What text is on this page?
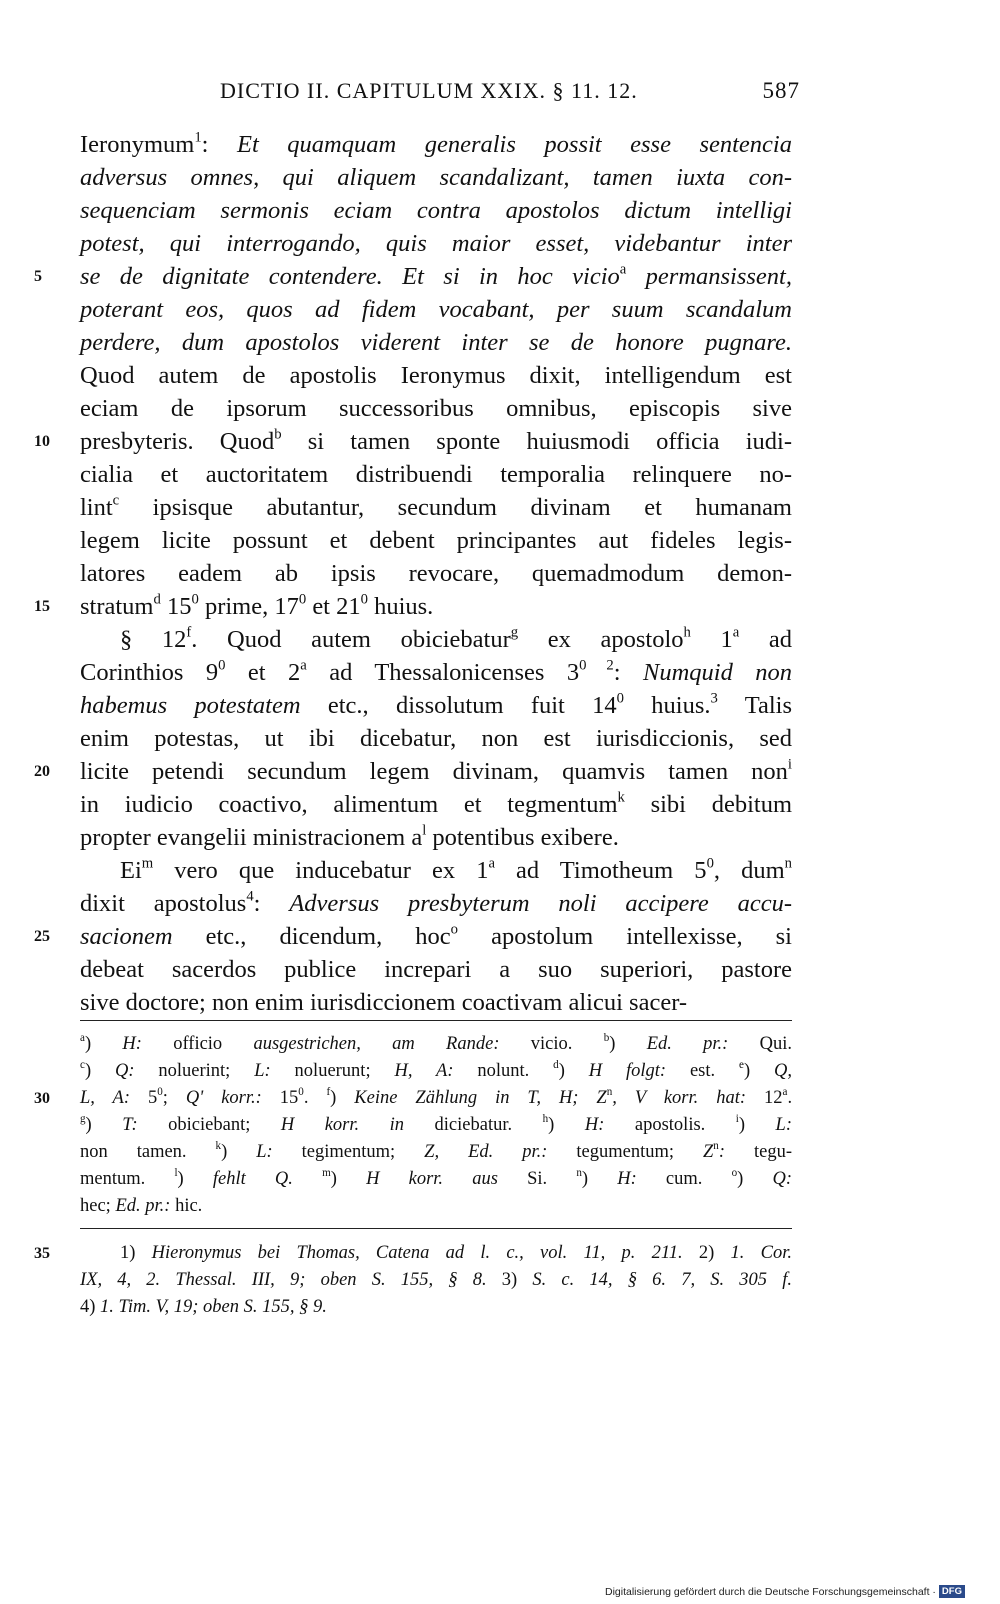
DICTIO II. CAPITULUM XXIX. § 11. 12.	587
Ieronymum$^1$: Et quamquam generalis possit esse sentencia
adversus omnes, qui aliquem scandalizant, tamen iuxta con-
sequenciam sermonis eciam contra apostolos dictum intelligi
potest, qui interrogando, quis maior esset, videbantur inter
5 se de dignitate contendere. Et si in hoc vicio$^a$ permansissent,
poterant eos, quos ad fidem vocabant, per suum scandalum
perdere, dum apostolos viderent inter se de honore pugnare.
Quod autem de apostolis Ieronymus dixit, intelligendum est
eciam de ipsorum successoribus omnibus, episcopis sive
10 presbyteris. Quod$^b$ si tamen sponte huiusmodi officia iudi-
cialia et auctoritatem distribuendi temporalia relinquere no-
lint$^c$ ipsisque abutantur, secundum divinam et humanam
legem licite possunt et debent principantes aut fideles legis-
latores eadem ab ipsis revocare, quemadmodum demon-
15 stratum$^d$ $15^0$ prime, $17^0$ et $21^0$ huius.
§ 12$^f$. Quod autem obiciebatur$^g$ ex apostolo$^h$ 1$^a$ ad
Corinthios $9^0$ et 2$^a$ ad Thessalonicenses $3^{0 2}$: Numquid non
habemus potestatem etc., dissolutum fuit $14^0$ huius.$^3$ Talis
enim potestas, ut ibi dicebatur, non est iurisdiccionis, sed
20 licite petendi secundum legem divinam, quamvis tamen non$^i$
in iudicio coactivo, alimentum et tegmentum$^k$ sibi debitum
propter evangelii ministracionem $a^l$ potentibus exibere.
Ei$^m$ vero que inducebatur ex 1$^a$ ad Timotheum $5^0$, dum$^n$
dixit apostolus$^4$: Adversus presbyterum noli accipere accu-
25 sacionem etc., dicendum, hoc$^o$ apostolum intellexisse, si
debeat sacerdos publice increpari a suo superiori, pastore
sive doctore; non enim iurisdiccionem coactivam alicui sacer-
$^a$) H: officio ausgestrichen, am Rande: vicio. $^b$) Ed. pr.: Qui.
$^c$) Q: noluerint; L: noluerunt; H, A: nolunt. $^d$) H folgt: est. $^e$) Q,
30 L, A: $5^0$; Q' korr.: $15^0$. $^f$) Keine Zählung in T, H; $Z^n$, V korr. hat: 12$^a$.
$^g$) T: obiciebant; H korr. in diciebatur. $^h$) H: apostolis. $^i$) L:
non tamen. $^k$) L: tegimentum; Z, Ed. pr.: tegumentum; $Z^n$: tegu-
mentum. $^l$) fehlt Q.	$^m$) H korr. aus Si. $^n$) H: cum. $^o$) Q:
hec; Ed. pr.: hic.
35	1) Hieronymus bei Thomas, Catena ad l. c., vol. 11, p. 211. 2) 1. Cor.
IX, 4, 2. Thessal. III, 9; oben S. 155, § 8. 3) S. c. 14, § 6. 7, S. 305 f.
4) 1. Tim. V, 19; oben S. 155, § 9.
Digitalisierung gefördert durch die Deutsche Forschungsgemeinschaft · DFG
